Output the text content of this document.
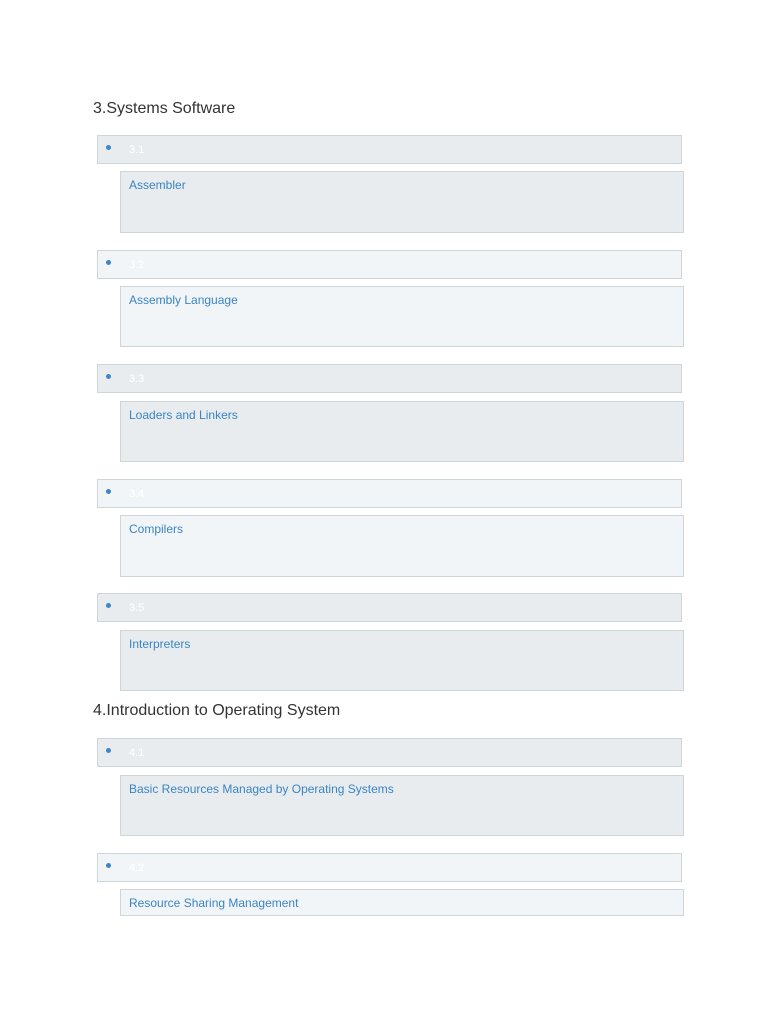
3.Systems Software
3.1
Assembler
3.2
Assembly Language
3.3
Loaders and Linkers
3.4
Compilers
3.5
Interpreters
4.Introduction to Operating System
4.1
Basic Resources Managed by Operating Systems
4.2
Resource Sharing Management
